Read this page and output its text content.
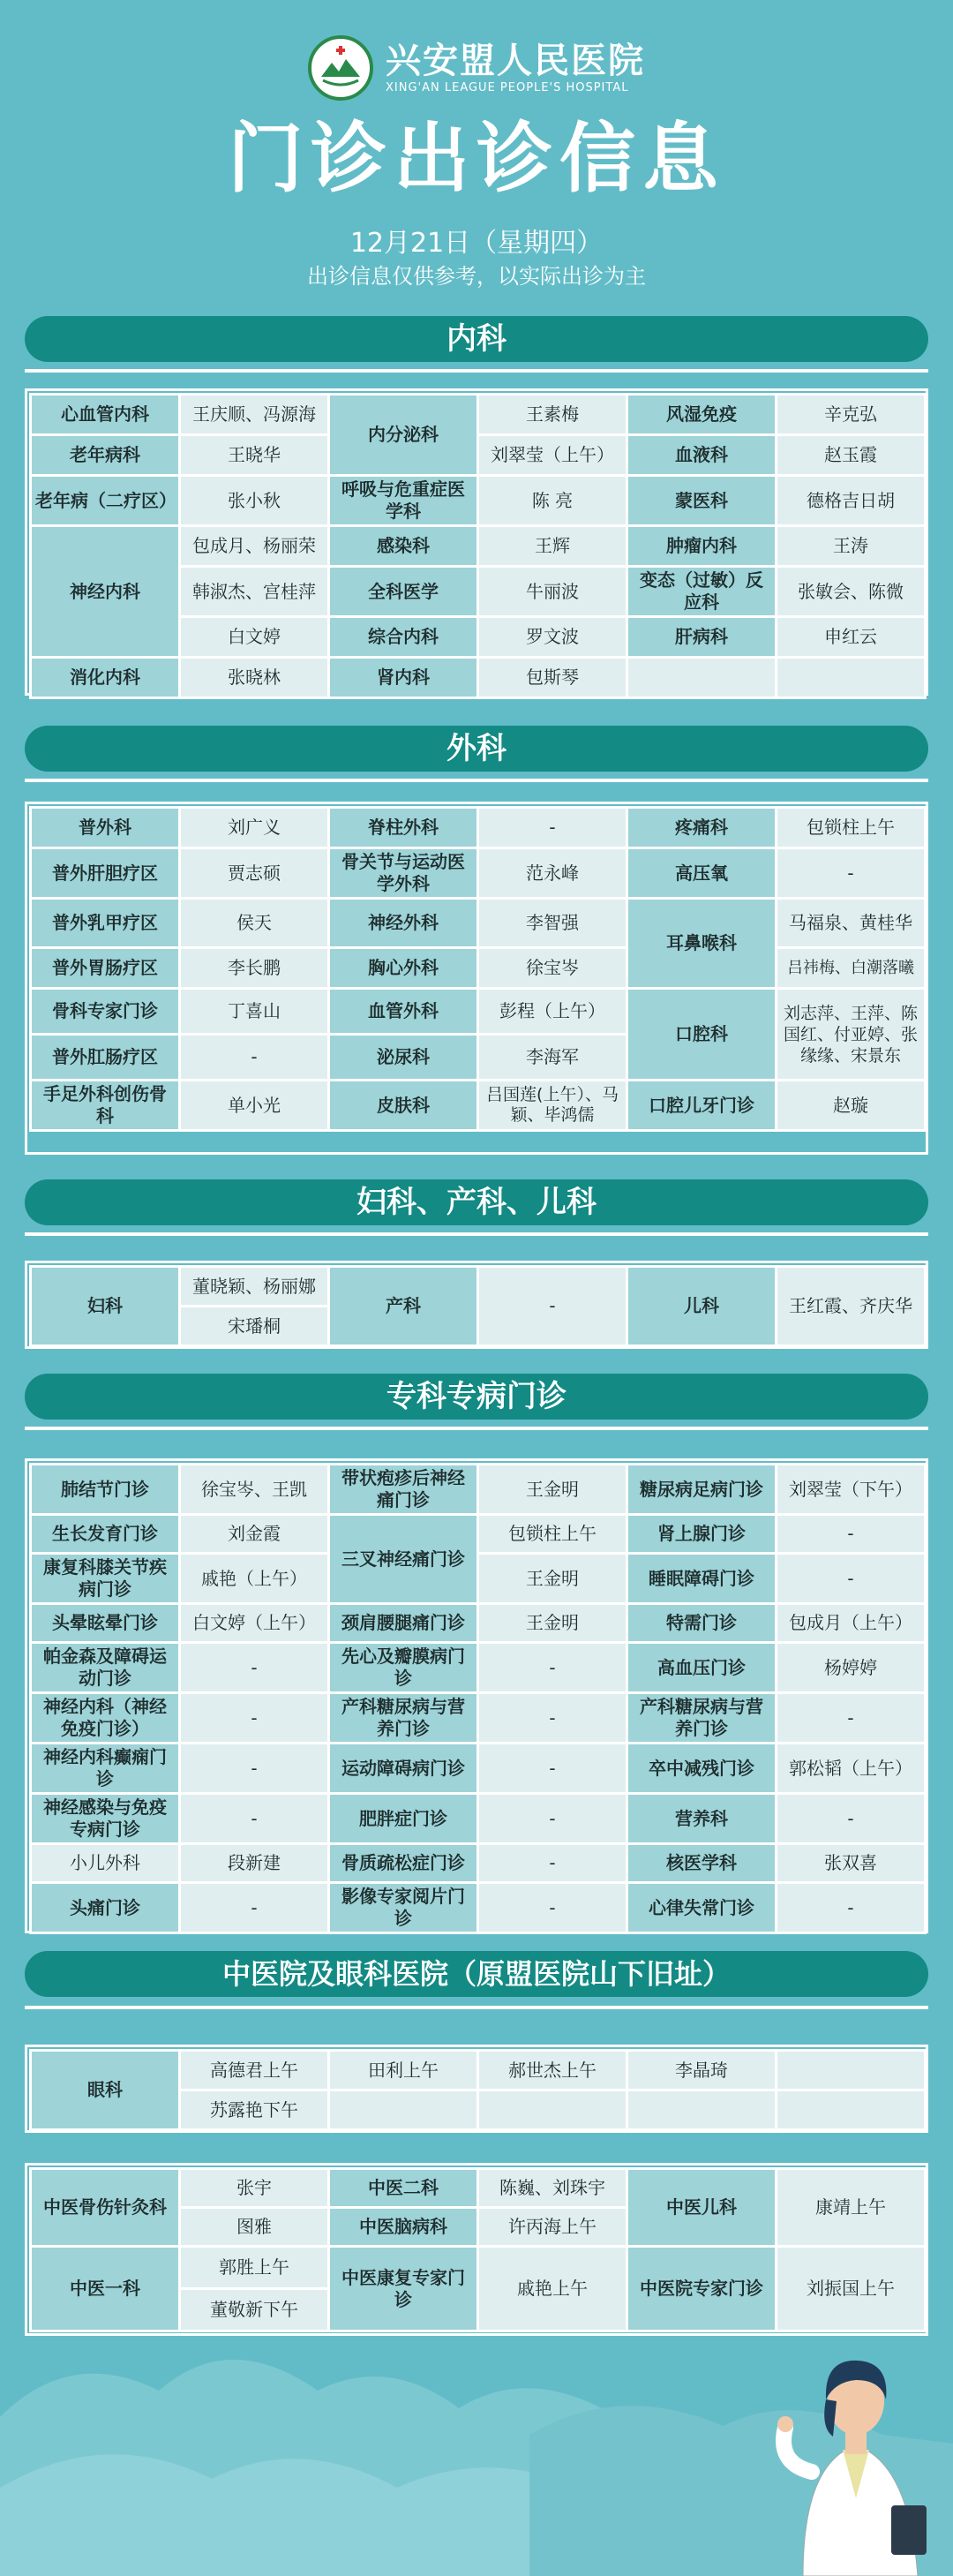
兴安盟人民医院
XING'AN LEAGUE PEOPLE'S HOSPITAL
门诊出诊信息
12月21日（星期四）
出诊信息仅供参考，以实际出诊为主
内科
心血管内科	王庆顺、冯源海	内分泌科	王素梅	风湿免疫	辛克弘
老年病科	王晓华		刘翠莹（上午）	血液科	赵玉霞
老年病（二疗区）	张小秋	呼吸与危重症医学科	陈 亮	蒙医科	德格吉日胡
神经内科	包成月、杨丽荣	感染科	王辉	肿瘤内科	王涛
	韩淑杰、宫桂萍	全科医学	牛丽波	变态（过敏）反应科	张敏会、陈微
	白文婷	综合内科	罗文波	肝病科	申红云
消化内科	张晓林	肾内科	包斯琴		
外科
普外科	刘广义	脊柱外科	-	疼痛科	包锁柱上午
普外肝胆疗区	贾志硕	骨关节与运动医学外科	范永峰	高压氧	-
普外乳甲疗区	侯天	神经外科	李智强	耳鼻喉科	马福泉、黄桂华
普外胃肠疗区	李长鹏	胸心外科	徐宝岑		吕祎梅、白潮落曦
骨科专家门诊	丁喜山	血管外科	彭程（上午）	口腔科	刘志萍、王萍、陈国红、付亚婷、张缘缘、宋景东
普外肛肠疗区	-	泌尿科	李海军		
手足外科创伤骨科	单小光	皮肤科	吕国莲(上午）、马颖、毕鸿儒	口腔儿牙门诊	赵璇
妇科、产科、儿科
妇科	董晓颖、杨丽娜	产科	-	儿科	王红霞、齐庆华
宋璠桐
专科专病门诊
肺结节门诊	徐宝岑、王凯	带状疱疹后神经痛门诊	王金明	糖尿病足病门诊	刘翠莹（下午）
生长发育门诊	刘金霞	三叉神经痛门诊	包锁柱上午	肾上腺门诊	-
康复科膝关节疾病门诊	戚艳（上午）		王金明	睡眠障碍门诊	-
头晕眩晕门诊	白文婷（上午）	颈肩腰腿痛门诊	王金明	特需门诊	包成月（上午）
帕金森及障碍运动门诊	-	先心及瓣膜病门诊	-	高血压门诊	杨婷婷
神经内科（神经免疫门诊）	-	产科糖尿病与营养门诊	-	产科糖尿病与营养门诊	-
神经内科癫痫门诊	-	运动障碍病门诊	-	卒中减残门诊	郭松韬（上午）
神经感染与免疫专病门诊	-	肥胖症门诊	-	营养科	-
小儿外科	段新建	骨质疏松症门诊	-	核医学科	张双喜
头痛门诊	-	影像专家阅片门诊	-	心律失常门诊	-
中医院及眼科医院（原盟医院山下旧址）
眼科	高德君上午	田利上午	郝世杰上午	李晶琦	
	苏露艳下午				
中医骨伤针灸科	张宇	中医二科	陈巍、刘珠宇	中医儿科	康靖上午
	图雅	中医脑病科	许丙海上午		
中医一科	郭胜上午	中医康复专家门诊	戚艳上午	中医院专家门诊	刘振国上午
	董敬新下午				
